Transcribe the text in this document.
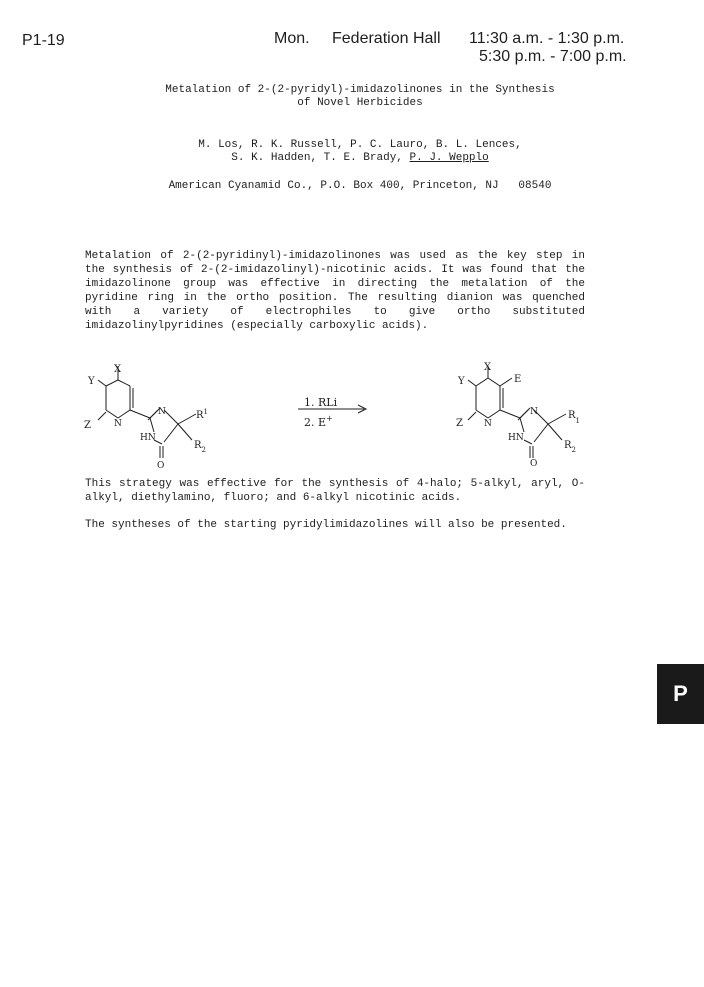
P1-19	Mon.	Federation Hall	11:30 a.m. - 1:30 p.m.
5:30 p.m. - 7:00 p.m.
Metalation of 2-(2-pyridyl)-imidazolinones in the Synthesis
of Novel Herbicides
M. Los, R. K. Russell, P. C. Lauro, B. L. Lences,
S. K. Hadden, T. E. Brady, P. J. Wepplo
American Cyanamid Co., P.O. Box 400, Princeton, NJ   08540
Metalation of 2-(2-pyridinyl)-imidazolinones was used as the key step in the synthesis of 2-(2-imidazolinyl)-nicotinic acids. It was found that the imidazolinone group was effective in directing the metalation of the pyridine ring in the ortho position. The resulting dianion was quenched with a variety of electrophiles to give ortho substituted imidazolinylpyridines (especially carboxylic acids).
X
Y
Z	N
N
HN
O
$R^1$
$R_2$
1. RLi
2. E+
X
Y	E
Z N
N
HN
O
$R_1$
$R_2$
This strategy was effective for the synthesis of 4-halo; 5-alkyl, aryl, O-alkyl, diethylamino, fluoro; and 6-alkyl nicotinic acids.
The syntheses of the starting pyridylimidazolines will also be presented.
P
